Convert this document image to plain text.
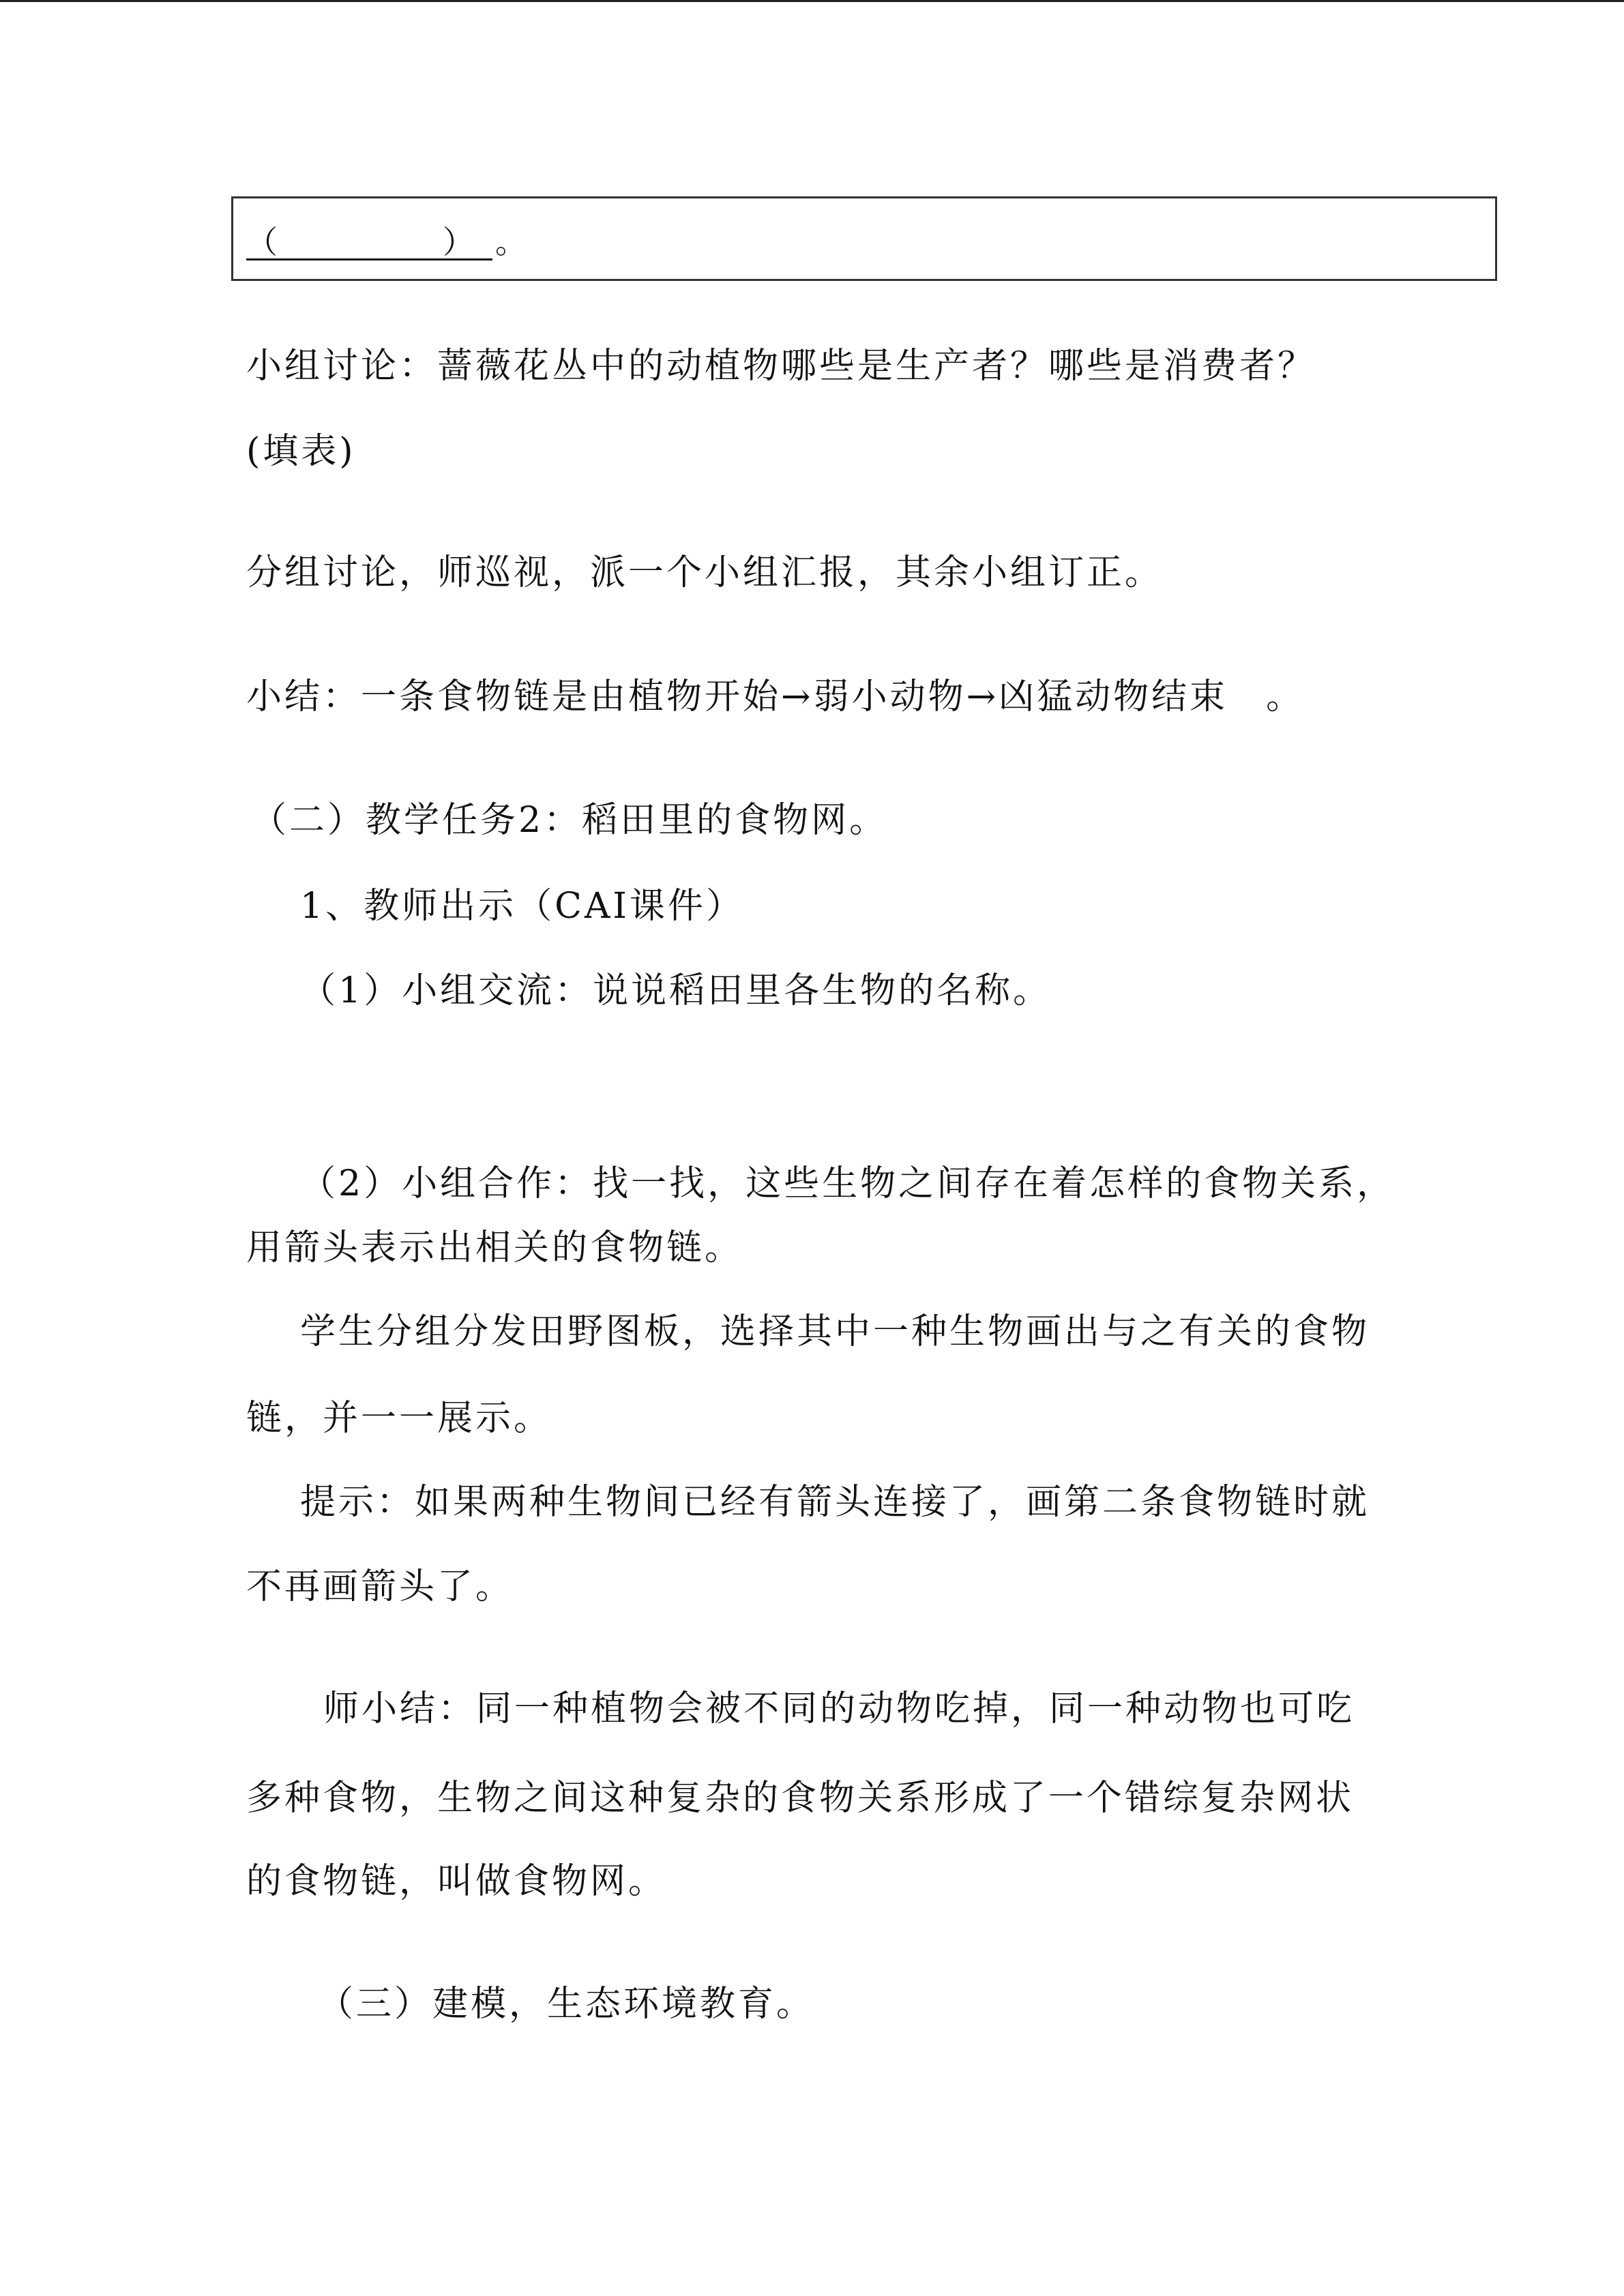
（	） 。
小组讨论：蔷薇花丛中的动植物哪些是生产者？哪些是消费者？
(填表)
分组讨论，师巡视，派一个小组汇报，其余小组订正。
小结：一条食物链是由植物开始→弱小动物→凶猛动物结束　。
（二）教学任务2：稻田里的食物网。
1、教师出示（CAI课件）
（1）小组交流：说说稻田里各生物的名称。
（2）小组合作：找一找，这些生物之间存在着怎样的食物关系，
用箭头表示出相关的食物链。
学生分组分发田野图板，选择其中一种生物画出与之有关的食物
链，并一一展示。
提示：如果两种生物间已经有箭头连接了，画第二条食物链时就
不再画箭头了。
师小结：同一种植物会被不同的动物吃掉，同一种动物也可吃
多种食物，生物之间这种复杂的食物关系形成了一个错综复杂网状
的食物链，叫做食物网。
（三）建模，生态环境教育。
